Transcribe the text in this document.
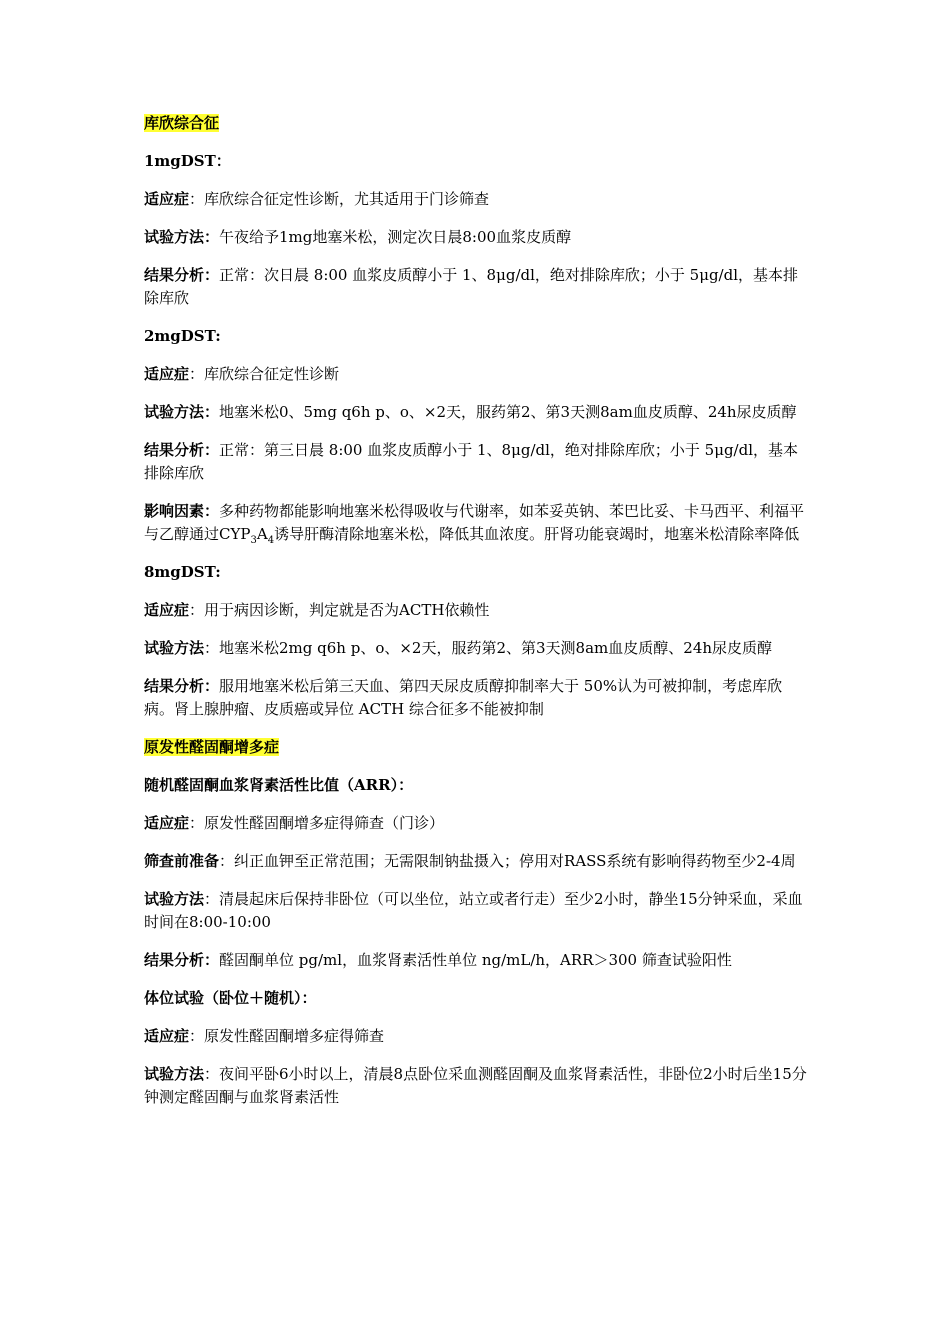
库欣综合征

1mgDST：

适应症：库欣综合征定性诊断，尤其适用于门诊筛查

试验方法：午夜给予1mg地塞米松，测定次日晨8:00血浆皮质醇

结果分析：正常：次日晨 8:00 血浆皮质醇小于 1、8μg/dl，绝对排除库欣；小于 5μg/dl，基本排除库欣

2mgDST:

适应症：库欣综合征定性诊断

试验方法：地塞米松0、5mg q6h p、o、×2天，服药第2、第3天测8am血皮质醇、24h尿皮质醇

结果分析：正常：第三日晨 8:00 血浆皮质醇小于 1、8μg/dl，绝对排除库欣；小于 5μg/dl，基本排除库欣

影响因素：多种药物都能影响地塞米松得吸收与代谢率，如苯妥英钠、苯巴比妥、卡马西平、利福平与乙醇通过$CYP_3A_4$诱导肝酶清除地塞米松，降低其血浓度。肝肾功能衰竭时，地塞米松清除率降低

8mgDST:

适应症：用于病因诊断，判定就是否为ACTH依赖性

试验方法：地塞米松2mg q6h p、o、×2天，服药第2、第3天测8am血皮质醇、24h尿皮质醇

结果分析：服用地塞米松后第三天血、第四天尿皮质醇抑制率大于 50%认为可被抑制，考虑库欣病。肾上腺肿瘤、皮质癌或异位 ACTH 综合征多不能被抑制

原发性醛固酮增多症

随机醛固酮血浆肾素活性比值（ARR）：

适应症：原发性醛固酮增多症得筛查（门诊）

筛查前准备：纠正血钾至正常范围；无需限制钠盐摄入；停用对RASS系统有影响得药物至少2-4周

试验方法：清晨起床后保持非卧位（可以坐位，站立或者行走）至少2小时，静坐15分钟采血，采血时间在8:00-10:00

结果分析：醛固酮单位 pg/ml，血浆肾素活性单位 ng/mL/h，ARR＞300 筛查试验阳性

体位试验（卧位＋随机）：

适应症：原发性醛固酮增多症得筛查

试验方法：夜间平卧6小时以上，清晨8点卧位采血测醛固酮及血浆肾素活性，非卧位2小时后坐15分钟测定醛固酮与血浆肾素活性
